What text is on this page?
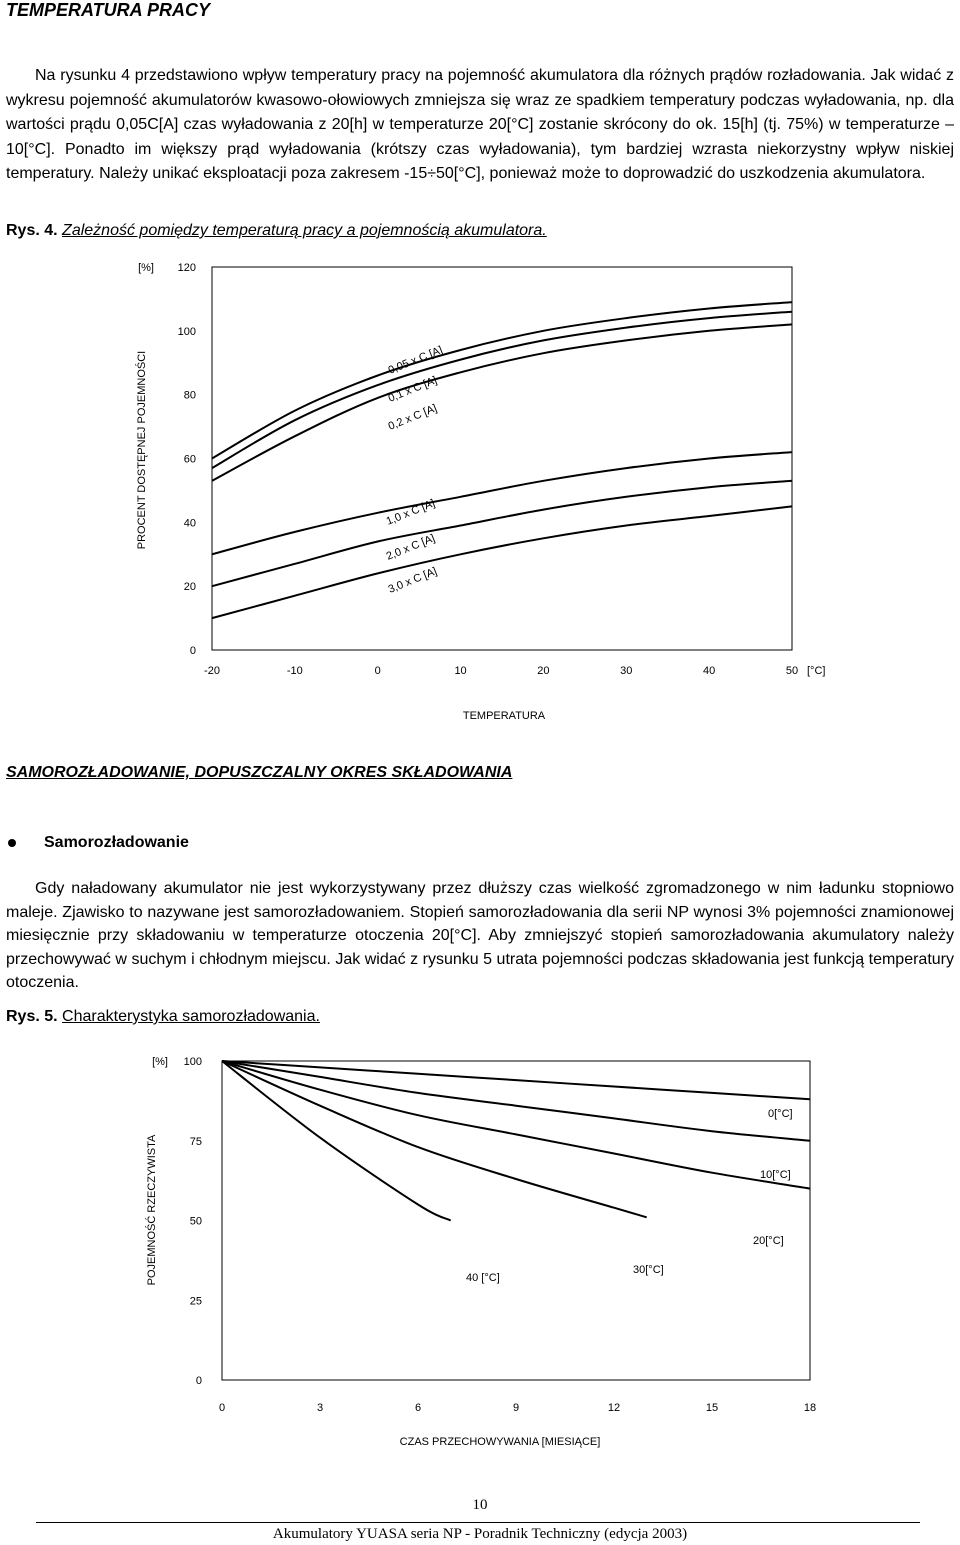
TEMPERATURA PRACY
Na rysunku 4 przedstawiono wpływ temperatury pracy na pojemność akumulatora dla różnych prądów rozładowania. Jak widać z wykresu pojemność akumulatorów kwasowo-ołowiowych zmniejsza się wraz ze spadkiem temperatury podczas wyładowania, np. dla wartości prądu 0,05C[A] czas wyładowania z 20[h] w temperaturze 20[°C] zostanie skrócony do ok. 15[h] (tj. 75%) w temperaturze –10[°C]. Ponadto im większy prąd wyładowania (krótszy czas wyładowania), tym bardziej wzrasta niekorzystny wpływ niskiej temperatury. Należy unikać eksploatacji poza zakresem -15÷50[°C], ponieważ może to doprowadzić do uszkodzenia akumulatora.
Rys. 4. Zależność pomiędzy temperaturą pracy a pojemnością akumulatora.
0
20
40
60
80
100
120
[%]
-20	-10	0	10	20	30	40	50 [°C]
TEMPERATURA
PROCENT DOSTĘPNEJ POJEMNOŚCI	0,05 x C [A]
0,1 x C [A]
0,2 x C [A]
1,0 x C [A]
2,0 x C [A]
3,0 x C [A]
SAMOROZŁADOWANIE, DOPUSZCZALNY OKRES SKŁADOWANIA
Samorozładowanie
Gdy naładowany akumulator nie jest wykorzystywany przez dłuższy czas wielkość zgromadzonego w nim ładunku stopniowo maleje. Zjawisko to nazywane jest samorozładowaniem. Stopień samorozładowania dla serii NP wynosi 3% pojemności znamionowej miesięcznie przy składowaniu w temperaturze otoczenia 20[°C]. Aby zmniejszyć stopień samorozładowania akumulatory należy przechowywać w suchym i chłodnym miejscu. Jak widać z rysunku 5 utrata pojemności podczas składowania jest funkcją temperatury otoczenia.
Rys. 5. Charakterystyka samorozładowania.
0
25
50
75
100
[%]
0	3	6	9	12	15	18
CZAS PRZECHOWYWANIA [MIESIĄCE]
POJEMNOŚĆ RZECZYWISTA
0[°C]
10[°C]
20[°C]
30[°C]
40 [°C]
10
Akumulatory YUASA seria NP - Poradnik Techniczny (edycja 2003)
